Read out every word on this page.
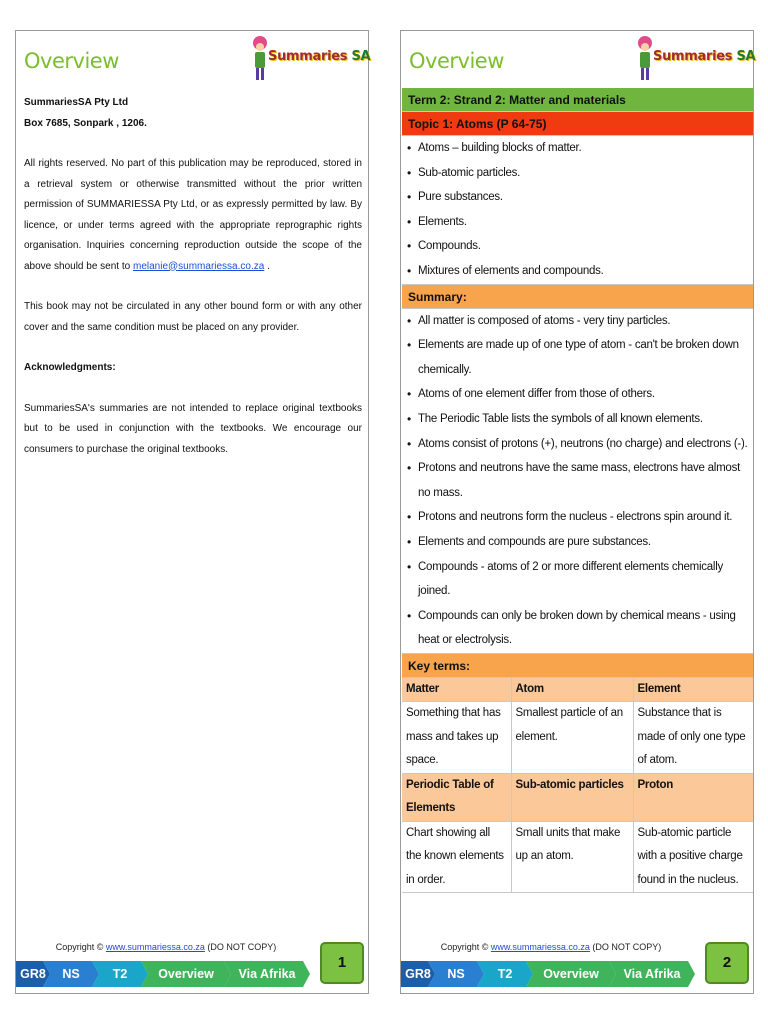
Overview	Summaries SA
SummariesSA Pty Ltd
Box 7685, Sonpark , 1206.

All rights reserved. No part of this publication may be reproduced, stored in a retrieval system or otherwise transmitted without the prior written permission of SUMMARIESSA Pty Ltd, or as expressly permitted by law. By licence, or under terms agreed with the appropriate reprographic rights organisation. Inquiries concerning reproduction outside the scope of the above should be sent to melanie@summariessa.co.za .

This book may not be circulated in any other bound form or with any other cover and the same condition must be placed on any provider.

Acknowledgments:

SummariesSA's summaries are not intended to replace original textbooks but to be used in conjunction with the textbooks. We encourage our consumers to purchase the original textbooks.

Copyright © www.summariessa.co.za (DO NOT COPY)
GR8	NS	T2	Overview	Via Afrika
1
Overview	Summaries SA
Term 2: Strand 2: Matter and materials
Topic 1: Atoms (P 64-75)
• Atoms – building blocks of matter.
• Sub-atomic particles.
• Pure substances.
• Elements.
• Compounds.
• Mixtures of elements and compounds.
Summary:
• All matter is composed of atoms - very tiny particles.
• Elements are made up of one type of atom - can't be broken down chemically.
• Atoms of one element differ from those of others.
• The Periodic Table lists the symbols of all known elements.
• Atoms consist of protons (+), neutrons (no charge) and electrons (-).
• Protons and neutrons have the same mass, electrons have almost no mass.
• Protons and neutrons form the nucleus - electrons spin around it.
• Elements and compounds are pure substances.
• Compounds - atoms of 2 or more different elements chemically joined.
• Compounds can only be broken down by chemical means - using heat or electrolysis.
Key terms:
Matter	Atom	Element
Something that has mass and takes up space.	Smallest particle of an element.	Substance that is made of only one type of atom.
Periodic Table of Elements	Sub-atomic particles	Proton
Chart showing all the known elements in order.	Small units that make up an atom.	Sub-atomic particle with a positive charge found in the nucleus.
Copyright © www.summariessa.co.za (DO NOT COPY)
GR8	NS	T2	Overview	Via Afrika
2
